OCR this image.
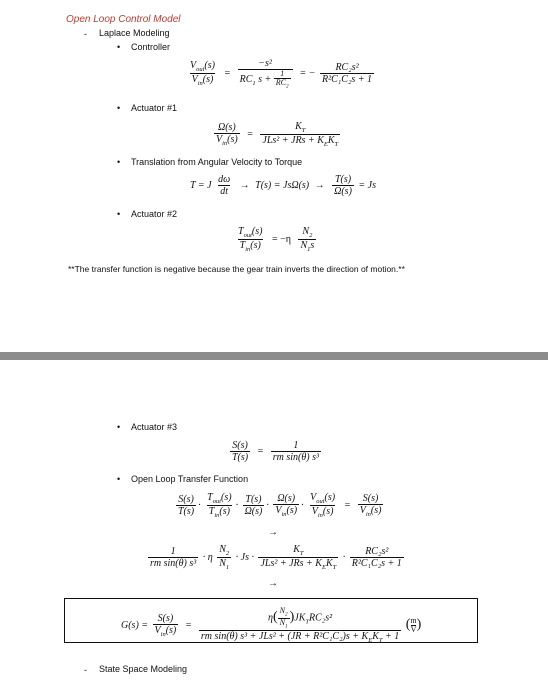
Open Loop Control Model
- Laplace Modeling
• Controller
$\frac{V_{out}(s)}{V_{in}(s)} = \frac{\text{−s²}}{RC_1 s + \frac{1}{RC_2}}$ = − $\frac{\text{RC₂s²}}{\text{R²C₁C₂s + 1}}$
• Actuator #1
$\frac{\Omega(s)}{V_{in}(s)} = \frac{K_T}{JLs^2 + JRs + K_EK_T}$
• Translation from Angular Velocity to Torque
T = J $\frac{d\omega}{dt} \to T(s) = Js\Omega(s) \to \frac{T(s)}{\Omega(s)} = Js$
• Actuator #2
$\frac{T_{out}(s)}{T_{in}(s)} = -\eta \frac{N_2}{N_1s}$
**The transfer function is negative because the gear train inverts the direction of motion.**
• Actuator #3
$\frac{S(s)}{T(s)} = \frac{1}{\text{rm sin(θ) s³}}$
• Open Loop Transfer Function
$\frac{S(s)}{T(s)} \cdot \frac{T_{out}(s)}{T_{in}(s)} \cdot \frac{T(s)}{\Omega(s)} \cdot \frac{\Omega(s)}{V_{in}(s)} \cdot \frac{V_{out}(s)}{V_{in}(s)} = \frac{S(s)}{V_{in}(s)}$
→
$\frac{1}{\text{rm sin(θ) s³}} \cdot \eta \frac{N_2}{N_1} \cdot Js \cdot \frac{K_T}{JLs^2 + JRs + K_EK_T} \cdot \frac{\text{RC₂s²}}{\text{R²C₁C₂s + 1}}$
→
$G(s) = \frac{S(s)}{V_{in}(s)} = \frac{\eta( \frac{N_2}{N_1} )JK_TRC_2s^2}{rm \sin(\theta) s^3 + JLs^2 + (JR + R^2C_1C_2)s + K_EK_T + 1}$ ( $\frac{m}{V}$ )
- State Space Modeling
